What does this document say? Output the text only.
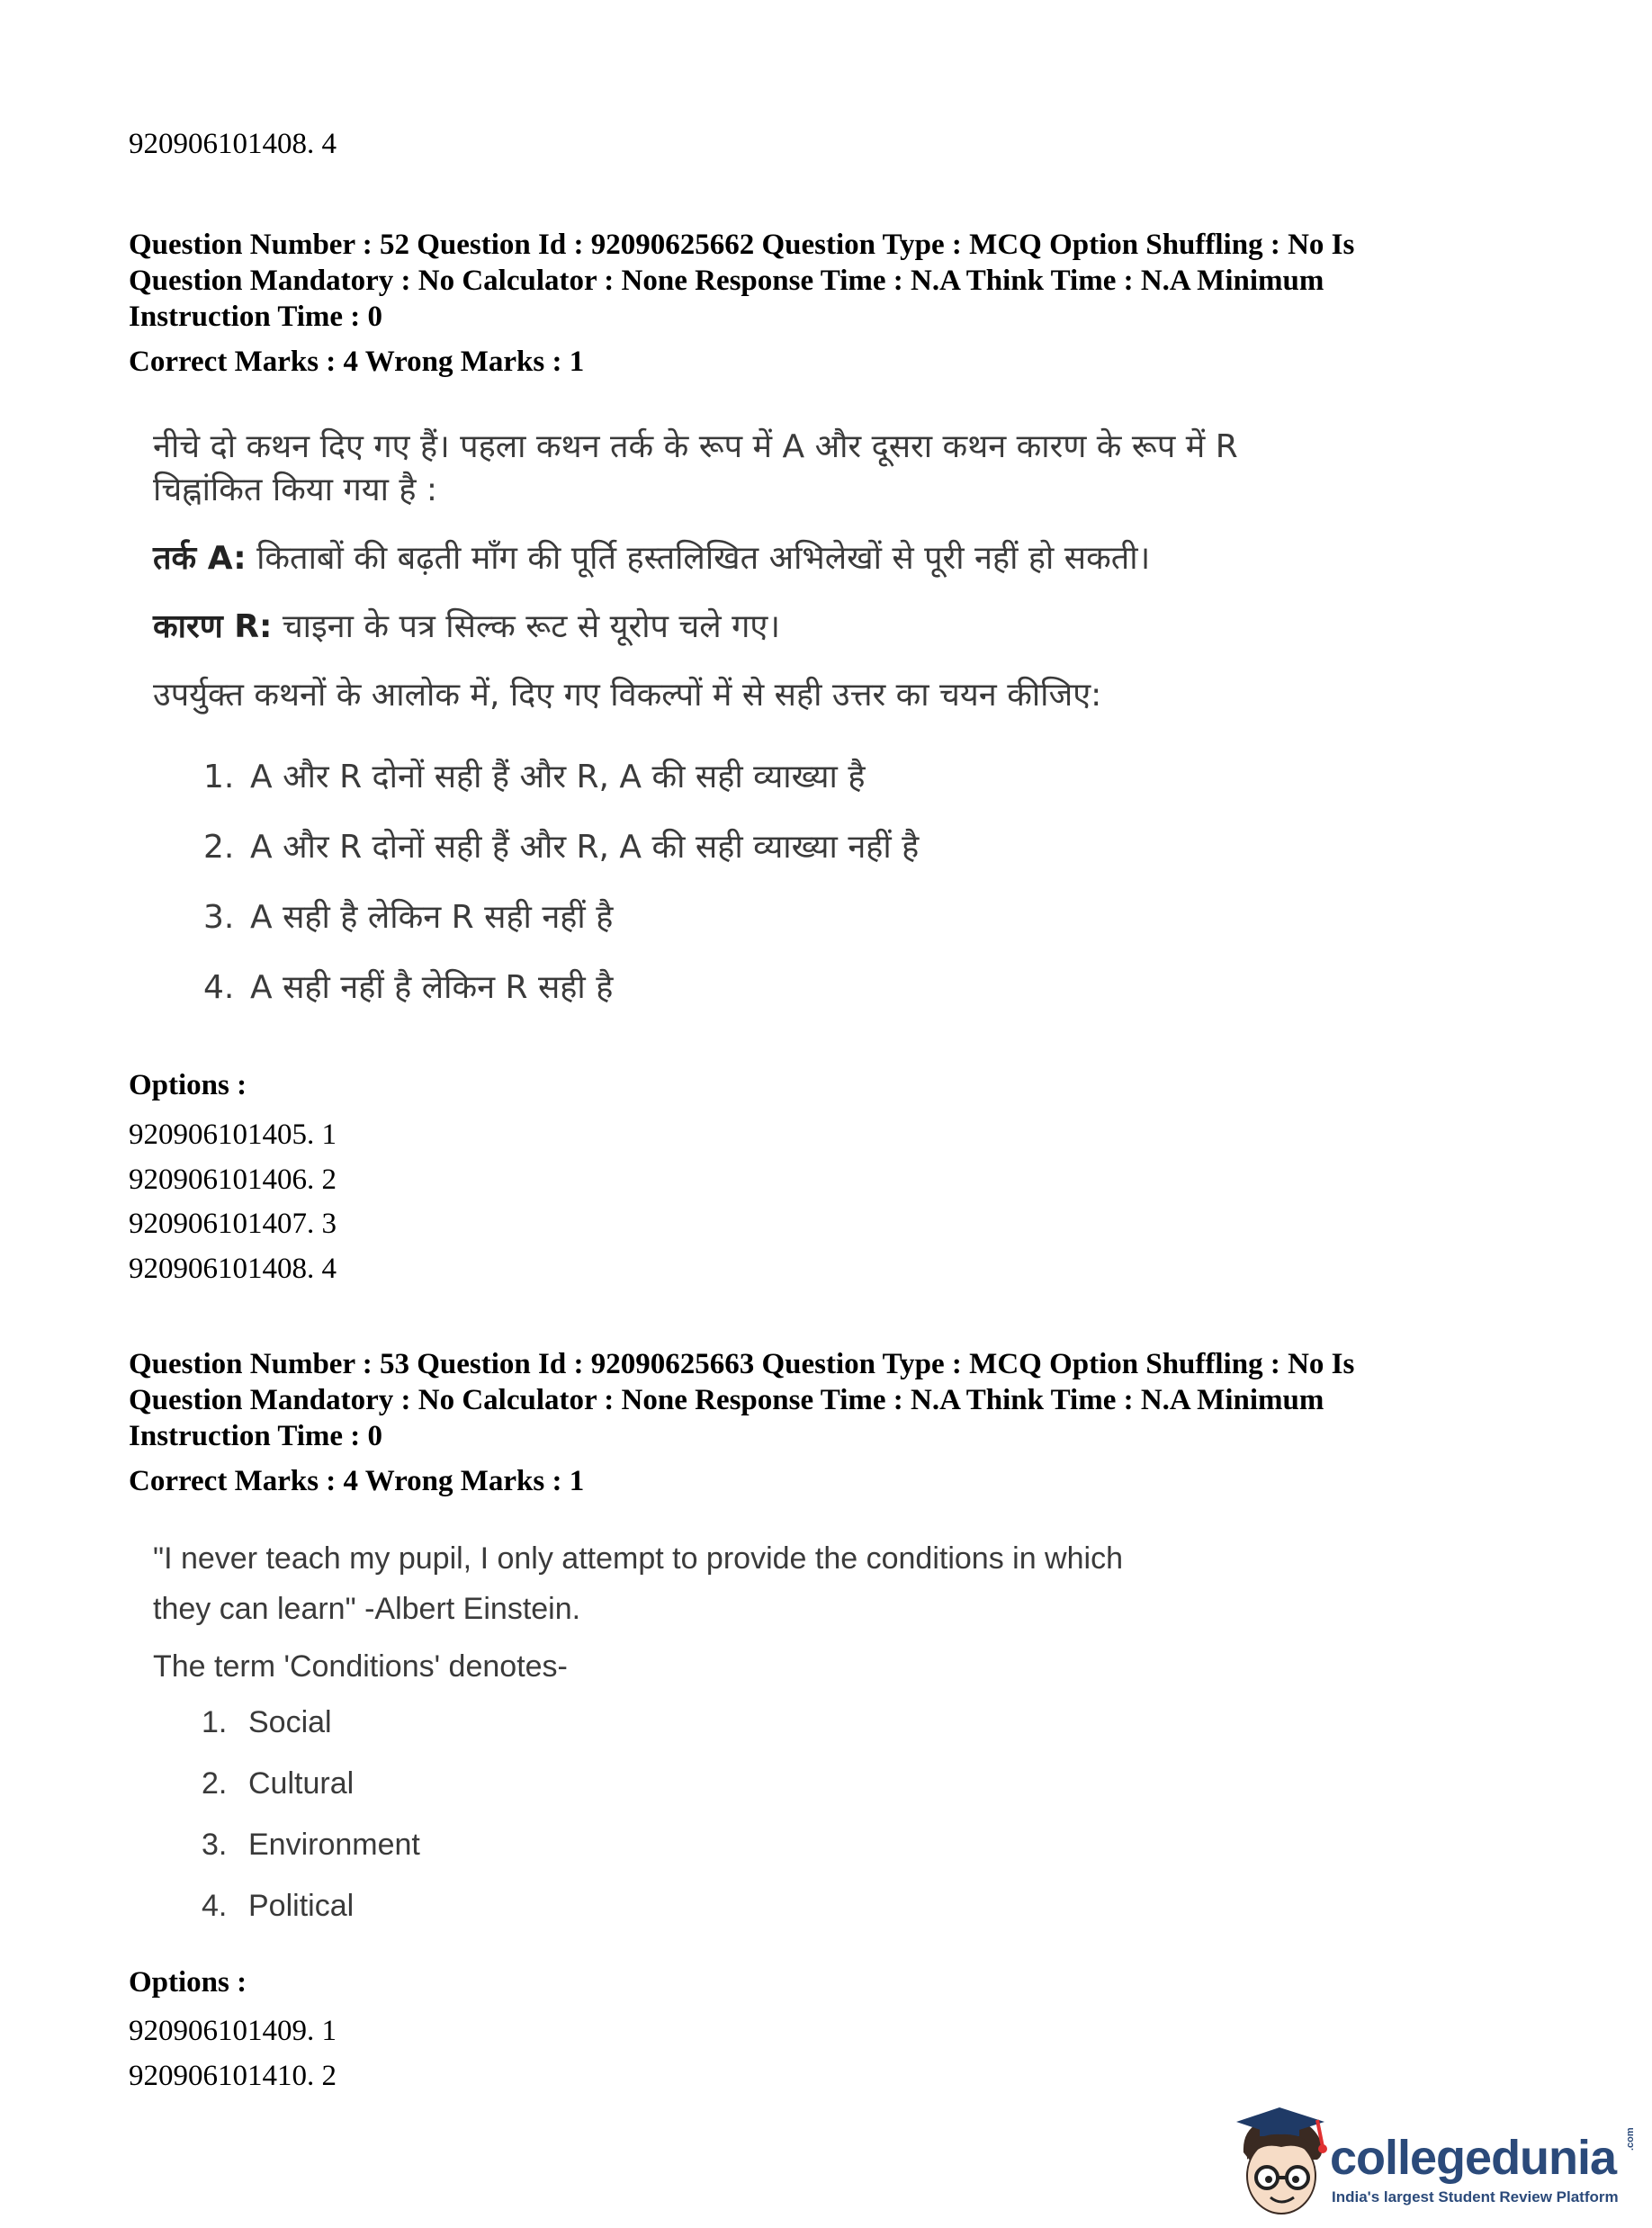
920906101408. 4
Question Number : 52 Question Id : 92090625662 Question Type : MCQ Option Shuffling : No Is
Question Mandatory : No Calculator : None Response Time : N.A Think Time : N.A Minimum
Instruction Time : 0
Correct Marks : 4 Wrong Marks : 1
नीचे दो कथन दिए गए हैं। पहला कथन तर्क के रूप में A और दूसरा कथन कारण के रूप में R
चिह्नांकित किया गया है :
तर्क A: किताबों की बढ़ती माँग की पूर्ति हस्तलिखित अभिलेखों से पूरी नहीं हो सकती।
कारण R: चाइना के पत्र सिल्क रूट से यूरोप चले गए।
उपर्युक्त कथनों के आलोक में, दिए गए विकल्पों में से सही उत्तर का चयन कीजिए:
1. A और R दोनों सही हैं और R, A की सही व्याख्या है
2. A और R दोनों सही हैं और R, A की सही व्याख्या नहीं है
3. A सही है लेकिन R सही नहीं है
4. A सही नहीं है लेकिन R सही है
Options :
920906101405. 1
920906101406. 2
920906101407. 3
920906101408. 4
Question Number : 53 Question Id : 92090625663 Question Type : MCQ Option Shuffling : No Is
Question Mandatory : No Calculator : None Response Time : N.A Think Time : N.A Minimum
Instruction Time : 0
Correct Marks : 4 Wrong Marks : 1
"I never teach my pupil, I only attempt to provide the conditions in which
they can learn" -Albert Einstein.
The term 'Conditions' denotes-
1. Social
2. Cultural
3. Environment
4. Political
Options :
920906101409. 1
920906101410. 2
collegedunia .com
India's largest Student Review Platform
